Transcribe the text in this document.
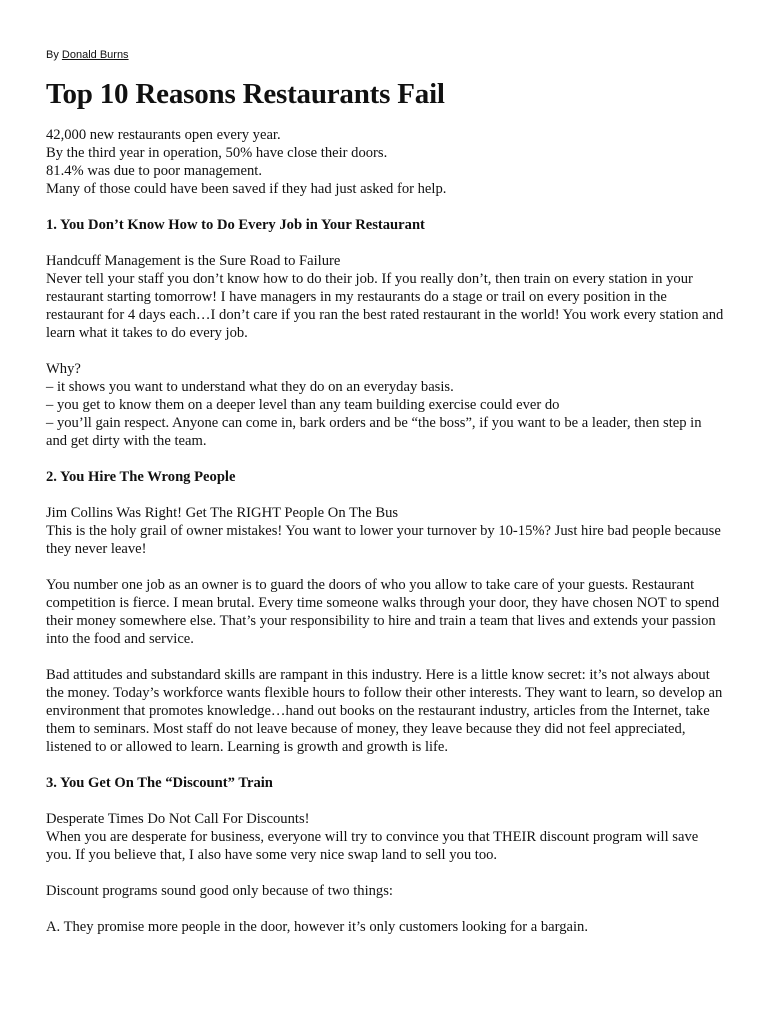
By Donald Burns

Top 10 Reasons Restaurants Fail

42,000 new restaurants open every year.

By the third year in operation, 50% have close their doors.

81.4% was due to poor management.

Many of those could have been saved if they had just asked for help.

1. You Don’t Know How to Do Every Job in Your Restaurant

Handcuff Management is the Sure Road to Failure

Never tell your staff you don’t know how to do their job. If you really don’t, then train on every station in your restaurant starting tomorrow! I have managers in my restaurants do a stage or trail on every position in the restaurant for 4 days each…I don’t care if you ran the best rated restaurant in the world! You work every station and learn what it takes to do every job.

Why?

– it shows you want to understand what they do on an everyday basis.

– you get to know them on a deeper level than any team building exercise could ever do

– you’ll gain respect. Anyone can come in, bark orders and be “the boss”, if you want to be a leader, then step in and get dirty with the team.

2. You Hire The Wrong People

Jim Collins Was Right! Get The RIGHT People On The Bus

This is the holy grail of owner mistakes! You want to lower your turnover by 10-15%? Just hire bad people because they never leave!

You number one job as an owner is to guard the doors of who you allow to take care of your guests. Restaurant competition is fierce. I mean brutal. Every time someone walks through your door, they have chosen NOT to spend their money somewhere else. That’s your responsibility to hire and train a team that lives and extends your passion into the food and service.

Bad attitudes and substandard skills are rampant in this industry. Here is a little know secret: it’s not always about the money. Today’s workforce wants flexible hours to follow their other interests. They want to learn, so develop an environment that promotes knowledge…hand out books on the restaurant industry, articles from the Internet, take them to seminars. Most staff do not leave because of money, they leave because they did not feel appreciated, listened to or allowed to learn. Learning is growth and growth is life.

3. You Get On The “Discount” Train

Desperate Times Do Not Call For Discounts!

When you are desperate for business, everyone will try to convince you that THEIR discount program will save you. If you believe that, I also have some very nice swap land to sell you too.

Discount programs sound good only because of two things:

A. They promise more people in the door, however it’s only customers looking for a bargain.
